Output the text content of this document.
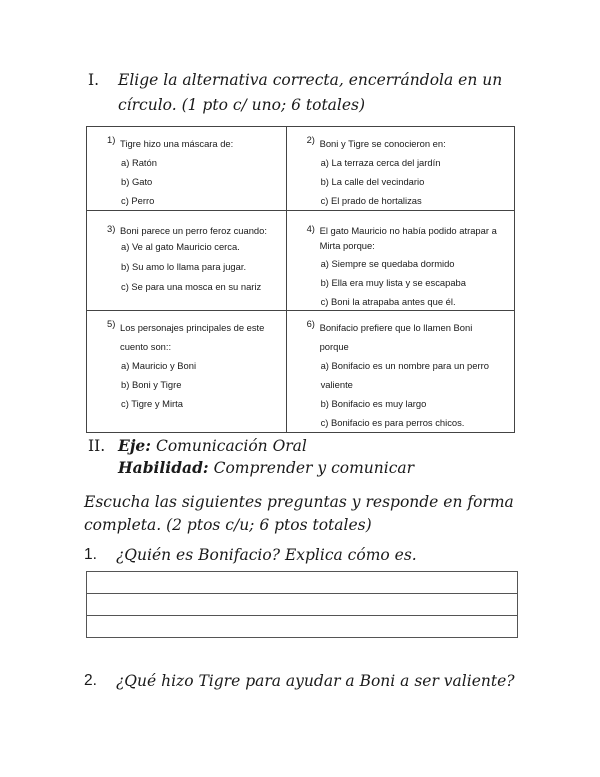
I. Elige la alternativa correcta, encerrándola en un círculo. (1 pto c/ uno; 6 totales)
1) Tigre hizo una máscara de:
a) Ratón
b) Gato
c) Perro	2) Boni y Tigre se conocieron en:
a) La terraza cerca del jardín
b) La calle del vecindario
c) El prado de hortalizas

3) Boni parece un perro feroz cuando:
a) Ve al gato Mauricio cerca.
b) Su amo lo llama para jugar.
c) Se para una mosca en su nariz	4) El gato Mauricio no había podido atrapar a Mirta porque:
a) Siempre se quedaba dormido
b) Ella era muy lista y se escapaba
c) Boni la atrapaba antes que él.

5) Los personajes principales de este cuento son::
a) Mauricio y Boni
b) Boni y Tigre
c) Tigre y Mirta	6) Bonifacio prefiere que lo llamen Boni porque
a) Bonifacio es un nombre para un perro valiente
b) Bonifacio es muy largo
c) Bonifacio es para perros chicos.
II. Eje: Comunicación Oral
Habilidad: Comprender y comunicar
Escucha las siguientes preguntas y responde en forma completa. (2 ptos c/u; 6 ptos totales)
1. ¿Quién es Bonifacio? Explica cómo es.
2. ¿Qué hizo Tigre para ayudar a Boni a ser valiente?
